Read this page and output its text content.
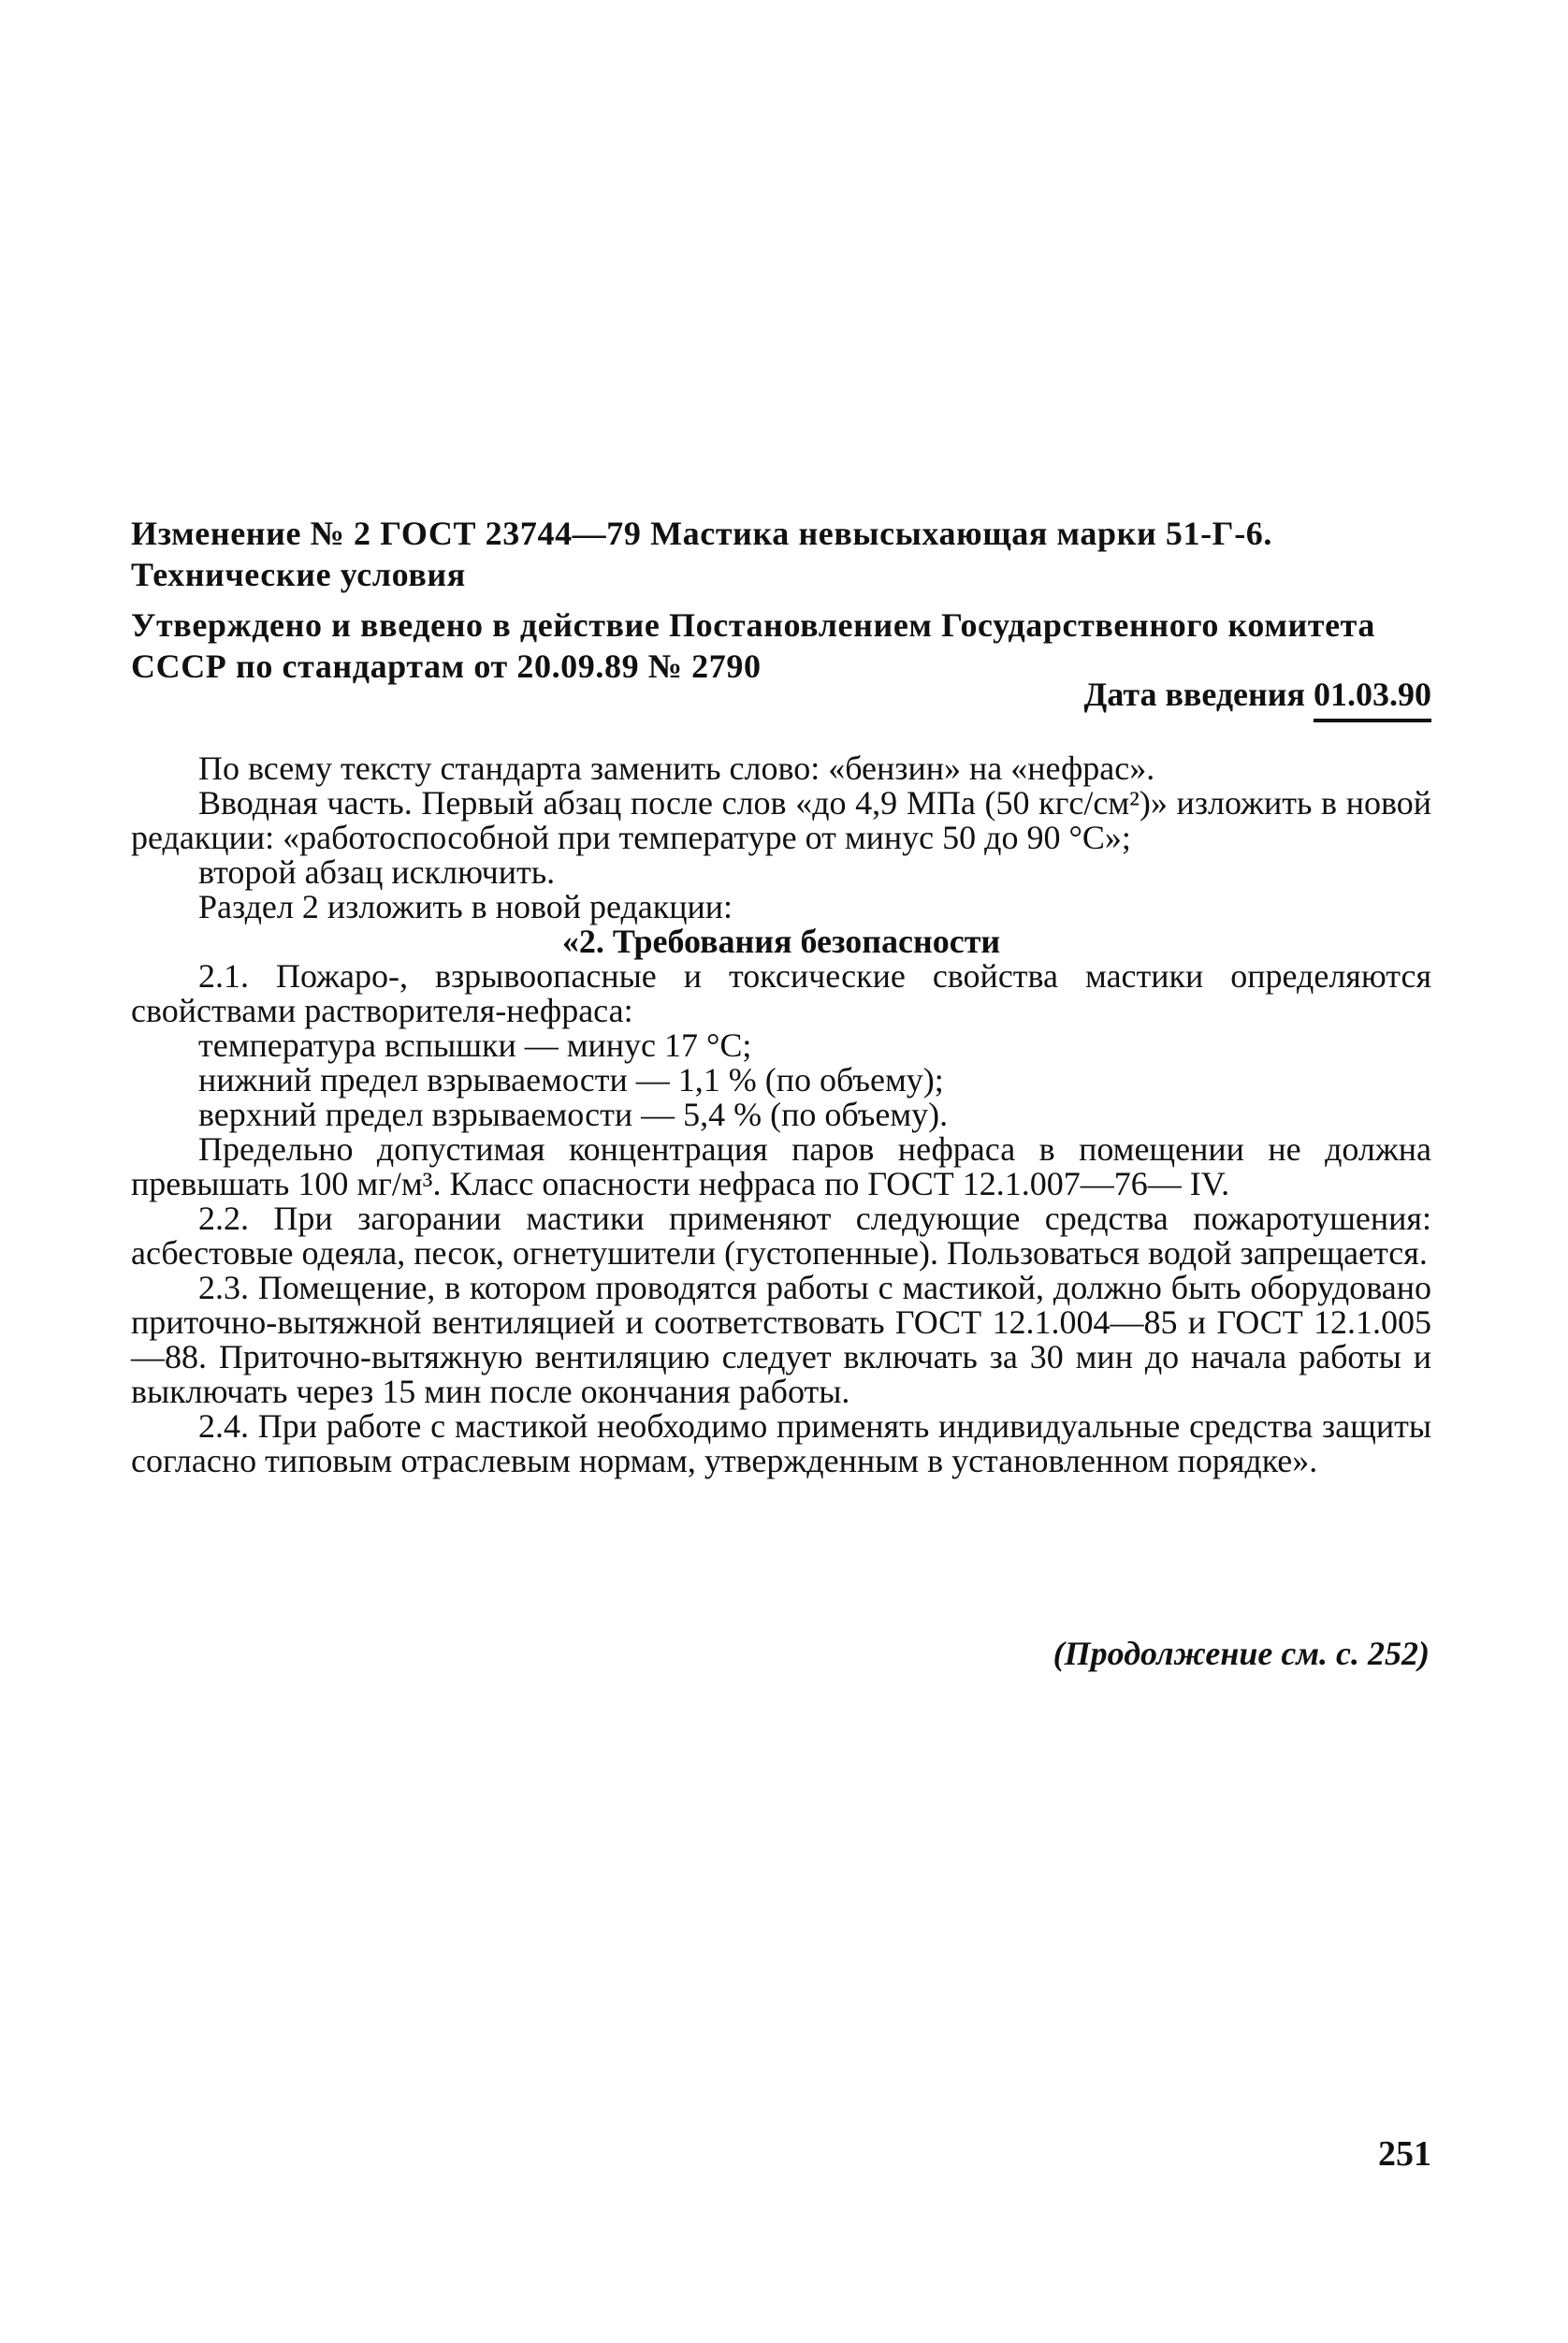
Изменение № 2 ГОСТ 23744—79 Мастика невысыхающая марки 51-Г-6. Технические условия
Утверждено и введено в действие Постановлением Государственного комитета СССР по стандартам от 20.09.89 № 2790
Дата введения 01.03.90

По всему тексту стандарта заменить слово: «бензин» на «нефрас».

Вводная часть. Первый абзац после слов «до 4,9 МПа (50 кгс/см²)» изложить в новой редакции: «работоспособной при температуре от минус 50 до 90 °С»;

второй абзац исключить.

Раздел 2 изложить в новой редакции:

«2. Требования безопасности

2.1. Пожаро-, взрывоопасные и токсические свойства мастики определяются свойствами растворителя-нефраса:

температура вспышки — минус 17 °С;

нижний предел взрываемости — 1,1 % (по объему);

верхний предел взрываемости — 5,4 % (по объему).

Предельно допустимая концентрация паров нефраса в помещении не должна превышать 100 мг/м³. Класс опасности нефраса по ГОСТ 12.1.007—76— IV.

2.2. При загорании мастики применяют следующие средства пожаротушения: асбестовые одеяла, песок, огнетушители (густопенные). Пользоваться водой запрещается.

2.3. Помещение, в котором проводятся работы с мастикой, должно быть оборудовано приточно-вытяжной вентиляцией и соответствовать ГОСТ 12.1.004—85 и ГОСТ 12.1.005—88. Приточно-вытяжную вентиляцию следует включать за 30 мин до начала работы и выключать через 15 мин после окончания работы.

2.4. При работе с мастикой необходимо применять индивидуальные средства защиты согласно типовым отраслевым нормам, утвержденным в установленном порядке».

(Продолжение см. с. 252)
251
